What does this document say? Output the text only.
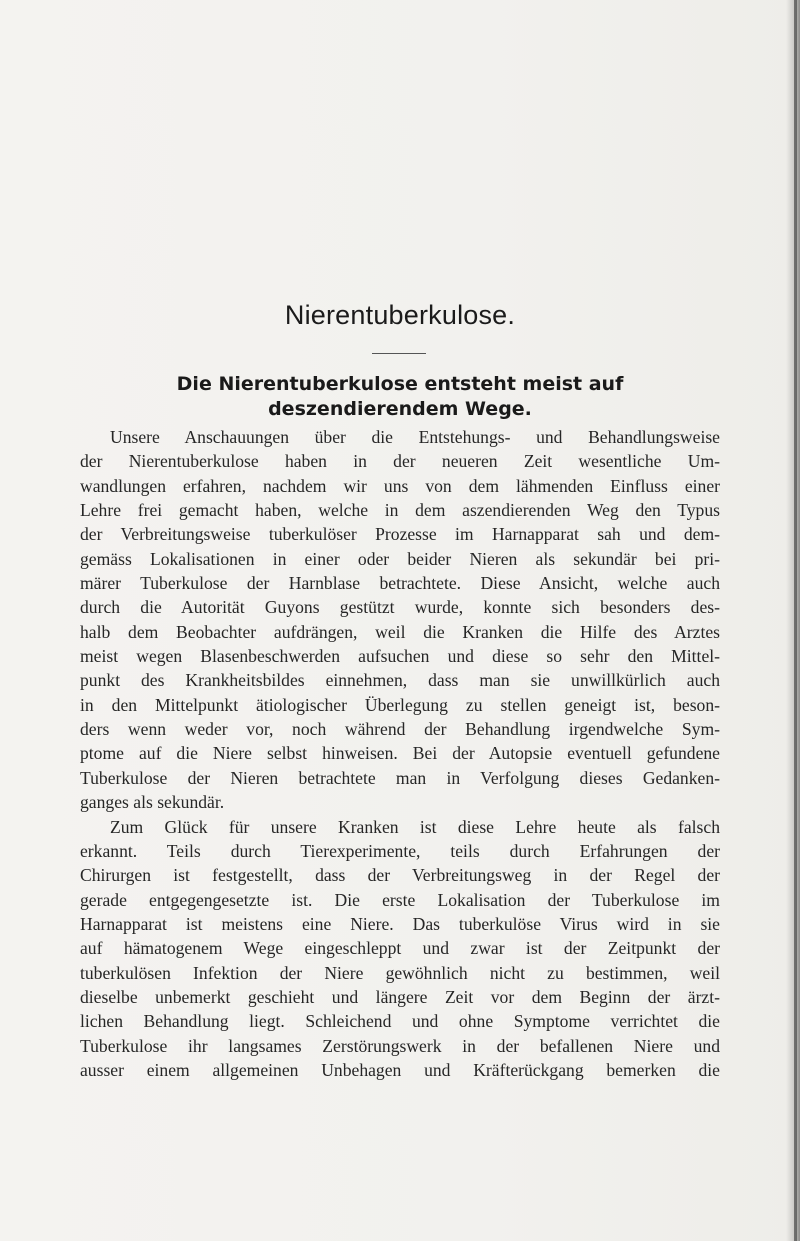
Nierentuberkulose.
Die Nierentuberkulose entsteht meist auf deszendierendem Wege.
Unsere Anschauungen über die Entstehungs- und Behandlungsweise
der Nierentuberkulose haben in der neueren Zeit wesentliche Um-
wandlungen erfahren, nachdem wir uns von dem lähmenden Einfluss einer
Lehre frei gemacht haben, welche in dem aszendierenden Weg den Typus
der Verbreitungsweise tuberkulöser Prozesse im Harnapparat sah und dem-
gemäss Lokalisationen in einer oder beider Nieren als sekundär bei pri-
märer Tuberkulose der Harnblase betrachtete. Diese Ansicht, welche auch
durch die Autorität Guyons gestützt wurde, konnte sich besonders des-
halb dem Beobachter aufdrängen, weil die Kranken die Hilfe des Arztes
meist wegen Blasenbeschwerden aufsuchen und diese so sehr den Mittel-
punkt des Krankheitsbildes einnehmen, dass man sie unwillkürlich auch
in den Mittelpunkt ätiologischer Überlegung zu stellen geneigt ist, beson-
ders wenn weder vor, noch während der Behandlung irgendwelche Sym-
ptome auf die Niere selbst hinweisen. Bei der Autopsie eventuell gefundene
Tuberkulose der Nieren betrachtete man in Verfolgung dieses Gedanken-
ganges als sekundär.
Zum Glück für unsere Kranken ist diese Lehre heute als falsch
erkannt. Teils durch Tierexperimente, teils durch Erfahrungen der
Chirurgen ist festgestellt, dass der Verbreitungsweg in der Regel der
gerade entgegengesetzte ist. Die erste Lokalisation der Tuberkulose im
Harnapparat ist meistens eine Niere. Das tuberkulöse Virus wird in sie
auf hämatogenem Wege eingeschleppt und zwar ist der Zeitpunkt der
tuberkulösen Infektion der Niere gewöhnlich nicht zu bestimmen, weil
dieselbe unbemerkt geschieht und längere Zeit vor dem Beginn der ärzt-
lichen Behandlung liegt. Schleichend und ohne Symptome verrichtet die
Tuberkulose ihr langsames Zerstörungswerk in der befallenen Niere und
ausser einem allgemeinen Unbehagen und Kräfterückgang bemerken die
